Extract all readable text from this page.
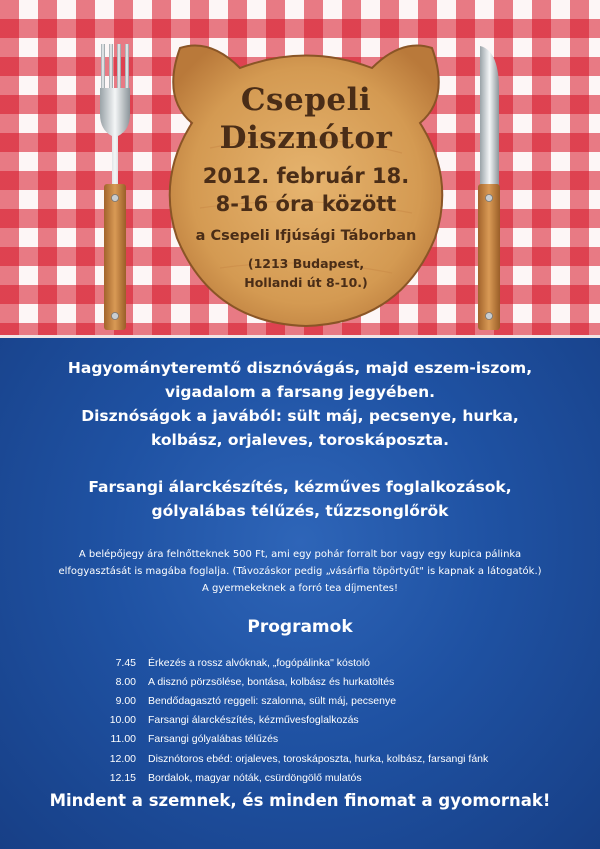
Csepeli
Disznótor
2012. február 18.
8-16 óra között
a Csepeli Ifjúsági Táborban
(1213 Budapest,
Hollandi út 8-10.)
Hagyományteremtő disznóvágás, majd eszem-iszom,
vigadalom a farsang jegyében.
Disznóságok a javából: sült máj, pecsenye, hurka,
kolbász, orjaleves, toroskáposzta.
Farsangi álarckészítés, kézműves foglalkozások,
gólyalábas télűzés, tűzzsonglőrök
A belépőjegy ára felnőtteknek 500 Ft, ami egy pohár forralt bor vagy egy kupica pálinka
elfogyasztását is magába foglalja. (Távozáskor pedig „vásárfia töpörtyűt" is kapnak a látogatók.)
A gyermekeknek a forró tea díjmentes!
Programok
7.45	Érkezés a rossz alvóknak, „fogópálinka" kóstoló
8.00	A disznó pörzsölése, bontása, kolbász és hurkatöltés
9.00	Bendődagasztó reggeli: szalonna, sült máj, pecsenye
10.00	Farsangi álarckészítés, kézművesfoglalkozás
11.00	Farsangi gólyalábas télűzés
12.00	Disznótoros ebéd: orjaleves, toroskáposzta, hurka, kolbász, farsangi fánk
12.15	Bordalok, magyar nóták, csürdöngölő mulatós
Mindent a szemnek, és minden finomat a gyomornak!
